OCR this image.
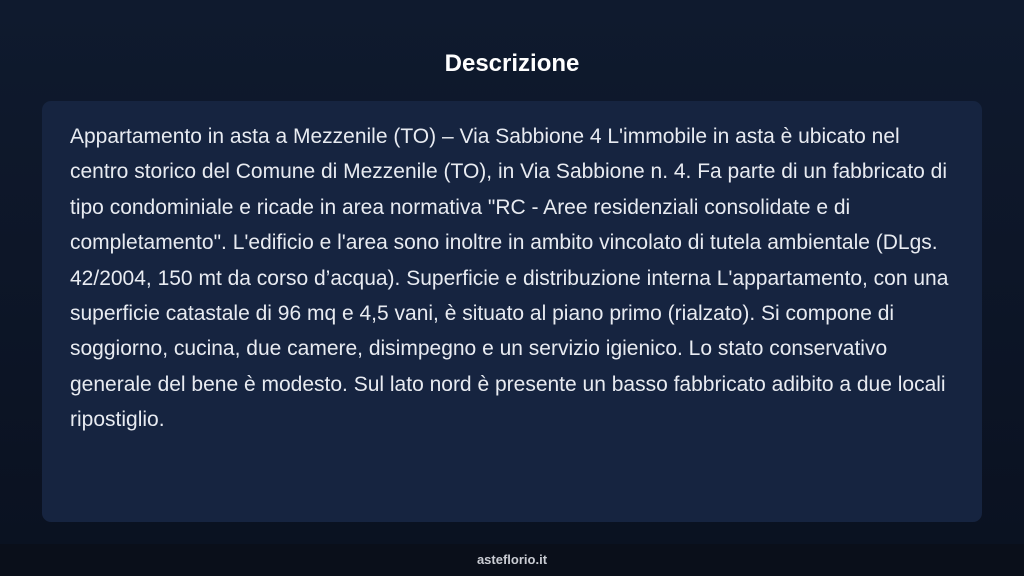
Descrizione

Appartamento in asta a Mezzenile (TO) – Via Sabbione 4 L'immobile in asta è ubicato nel centro storico del Comune di Mezzenile (TO), in Via Sabbione n. 4. Fa parte di un fabbricato di tipo condominiale e ricade in area normativa "RC - Aree residenziali consolidate e di completamento". L'edificio e l'area sono inoltre in ambito vincolato di tutela ambientale (DLgs. 42/2004, 150 mt da corso d’acqua). Superficie e distribuzione interna L'appartamento, con una superficie catastale di 96 mq e 4,5 vani, è situato al piano primo (rialzato). Si compone di soggiorno, cucina, due camere, disimpegno e un servizio igienico. Lo stato conservativo generale del bene è modesto. Sul lato nord è presente un basso fabbricato adibito a due locali ripostiglio.

asteflorio.it
